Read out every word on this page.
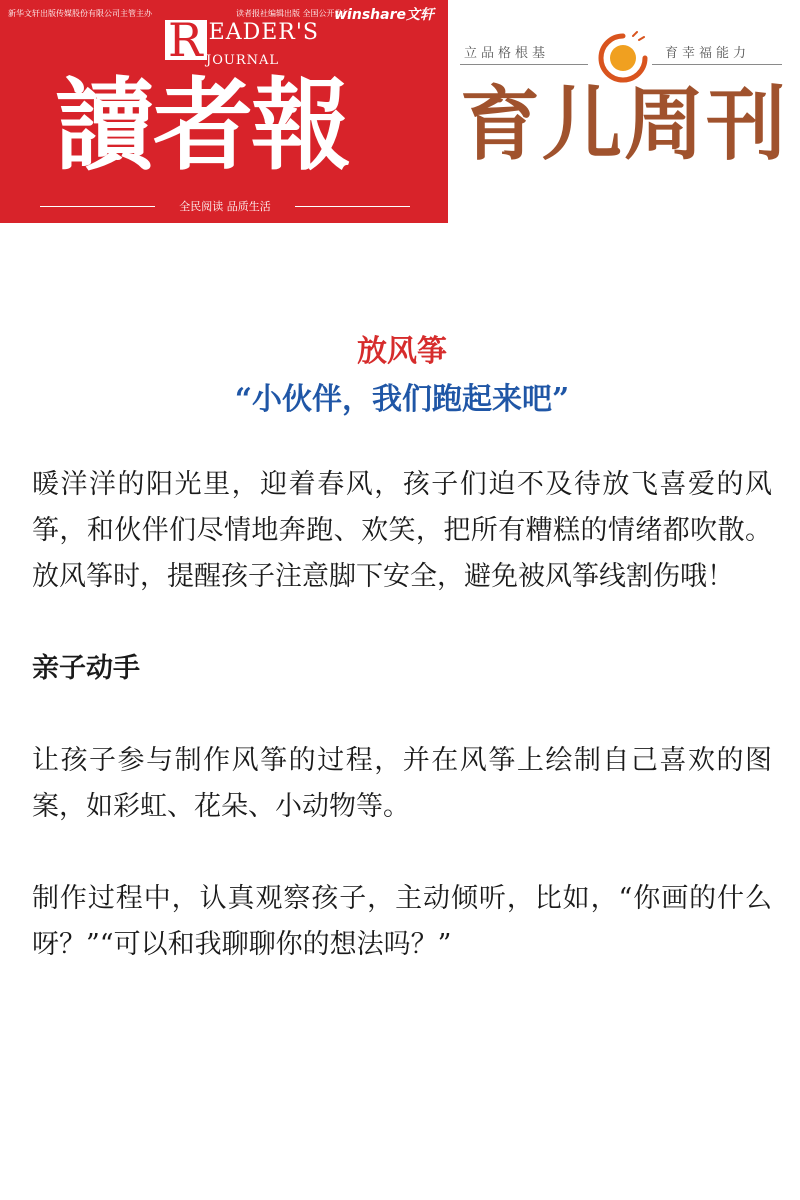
新华文轩出版传媒股份有限公司主管主办	读者报社编辑出版 全国公开发行
winshare文轩
R EADER'S
JOURNAL
讀者報
全民阅读 品质生活
立品格根基	育幸福能力
育儿周刊
放风筝
“小伙伴，我们跑起来吧”

暖洋洋的阳光里，迎着春风，孩子们迫不及待放飞喜爱的风筝，和伙伴们尽情地奔跑、欢笑，把所有糟糕的情绪都吹散。放风筝时，提醒孩子注意脚下安全，避免被风筝线割伤哦！

亲子动手

让孩子参与制作风筝的过程，并在风筝上绘制自己喜欢的图案，如彩虹、花朵、小动物等。

制作过程中，认真观察孩子，主动倾听，比如，“你画的什么呀？”“可以和我聊聊你的想法吗？”
